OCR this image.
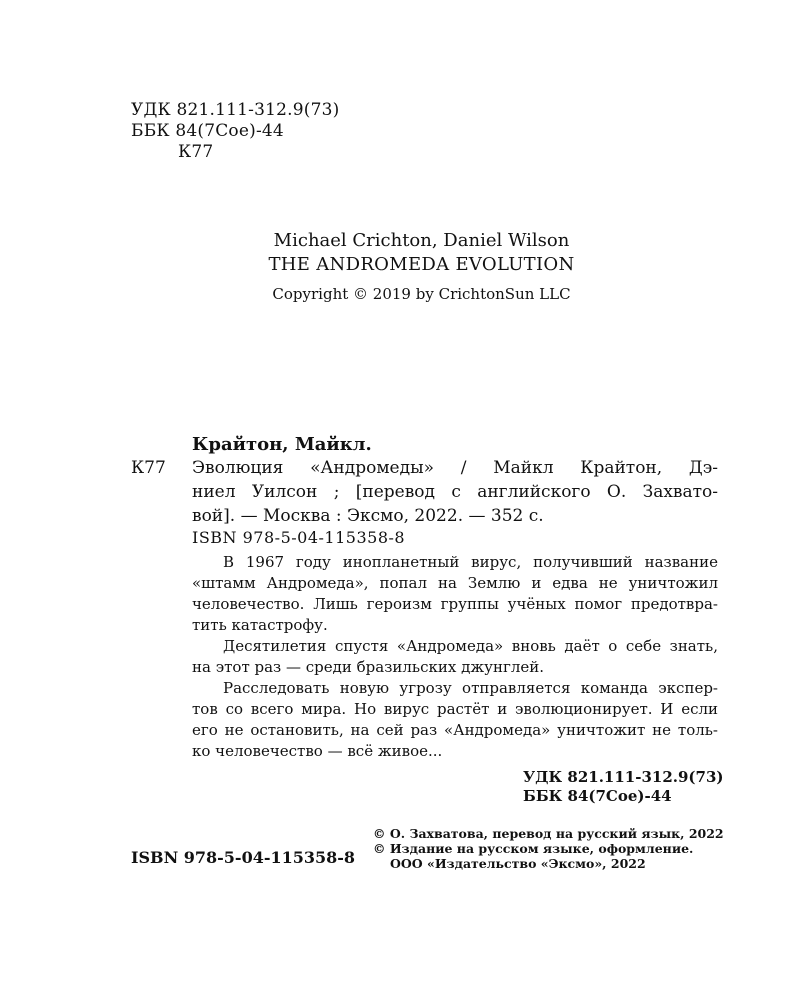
УДК 821.111-312.9(73)
ББК 84(7Сое)-44
К77
Michael Crichton, Daniel Wilson
THE ANDROMEDA EVOLUTION
Copyright © 2019 by CrichtonSun LLC
Крайтон, Майкл.
К77 Эволюция «Андромеды» / Майкл Крайтон, Дэ-
ниел Уилсон ; [перевод с английского О. Захвато-
вой]. — Москва : Эксмо, 2022. — 352 с.
ISBN 978-5-04-115358-8
В 1967 году инопланетный вирус, получивший название
«штамм Андромеда», попал на Землю и едва не уничтожил
человечество. Лишь героизм группы учёных помог предотвра-
тить катастрофу.
Десятилетия спустя «Андромеда» вновь даёт о себе знать,
на этот раз — среди бразильских джунглей.
Расследовать новую угрозу отправляется команда экспер-
тов со всего мира. Но вирус растёт и эволюционирует. И если
его не остановить, на сей раз «Андромеда» уничтожит не толь-
ко человечество — всё живое...
УДК 821.111-312.9(73)
ББК 84(7Сое)-44
ISBN 978-5-04-115358-8
© О. Захватова, перевод на русский язык, 2022
© Издание на русском языке, оформление.
ООО «Издательство «Эксмо», 2022
